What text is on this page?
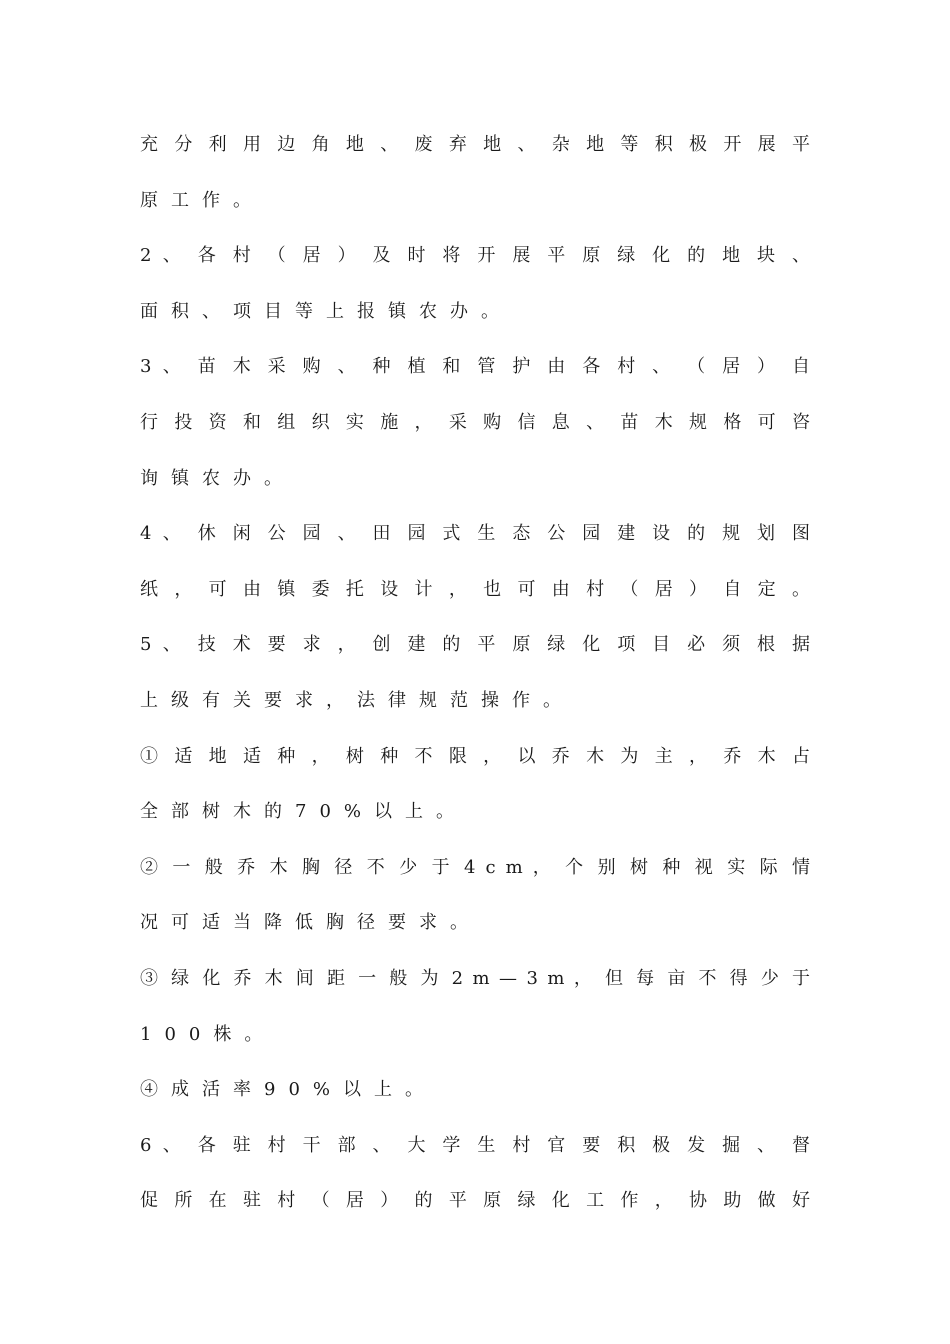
充 分 利 用 边 角 地 、 废 弃 地 、 杂 地 等 积 极 开 展 平
原工作。
2 、 各 村 （ 居 ） 及 时 将 开 展 平 原 绿 化 的 地 块 、
面积、项目等上报镇农办。
3 、 苗 木 采 购 、 种 植 和 管 护 由 各 村 、 （ 居 ） 自
行 投 资 和 组 织 实 施 ， 采 购 信 息 、 苗 木 规 格 可 咨
询镇农办。
4 、 休 闲 公 园 、 田 园 式 生 态 公 园 建 设 的 规 划 图
纸 ， 可 由 镇 委 托 设 计 ， 也 可 由 村 （ 居 ） 自 定 。
5 、 技 术 要 求 ， 创 建 的 平 原 绿 化 项 目 必 须 根 据
上级有关要求，法律规范操作。
① 适 地 适 种 ， 树 种 不 限 ， 以 乔 木 为 主 ， 乔 木 占
全部树木的70%以上。
② 一 般 乔 木 胸 径 不 少 于 4 c m ， 个 别 树 种 视 实 际 情
况可适当降低胸径要求。
③ 绿 化 乔 木 间 距 一 般 为 2 m — 3 m ， 但 每 亩 不 得 少 于
100株。
④成活率90%以上。
6 、 各 驻 村 干 部 、 大 学 生 村 官 要 积 极 发 掘 、 督
促 所 在 驻 村 （ 居 ） 的 平 原 绿 化 工 作 ， 协 助 做 好
